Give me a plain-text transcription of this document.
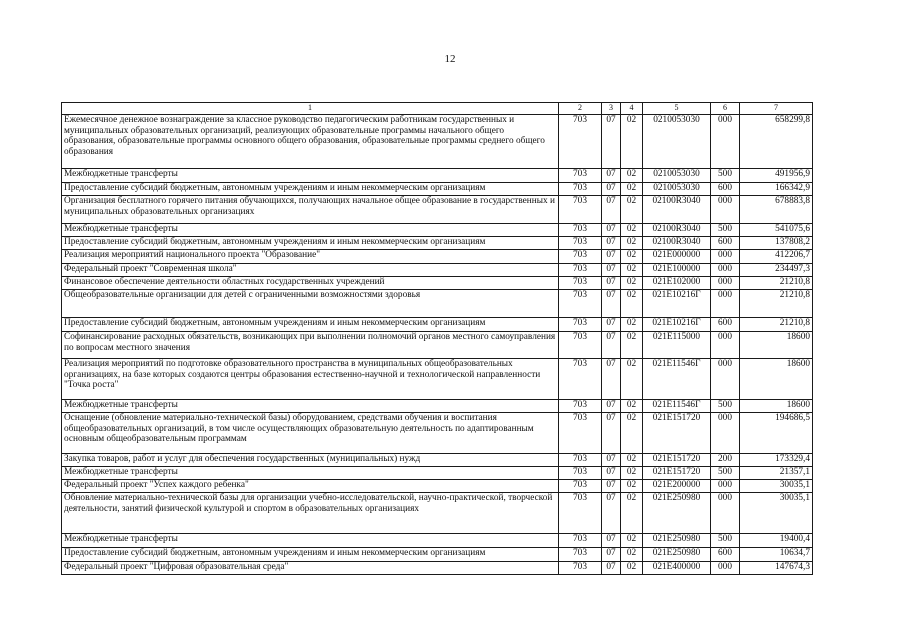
12
1	2	3	4	5	6	7
Ежемесячное денежное вознаграждение за классное руководство педагогическим работникам государственных и муниципальных образовательных организаций, реализующих образовательные программы начального общего образования, образовательные программы основного общего образования, образовательные программы среднего общего образования	703	07	02	0210053030	000	658299,8
Межбюджетные трансферты	703	07	02	0210053030	500	491956,9
Предоставление субсидий бюджетным, автономным учреждениям и иным некоммерческим организациям	703	07	02	0210053030	600	166342,9
Организация бесплатного горячего питания обучающихся, получающих начальное общее образование в государственных и муниципальных образовательных организациях	703	07	02	02100R3040	000	678883,8
Межбюджетные трансферты	703	07	02	02100R3040	500	541075,6
Предоставление субсидий бюджетным, автономным учреждениям и иным некоммерческим организациям	703	07	02	02100R3040	600	137808,2
Реализация мероприятий национального проекта "Образование"	703	07	02	021E000000	000	412206,7
Федеральный проект "Современная школа"	703	07	02	021E100000	000	234497,3
Финансовое обеспечение деятельности областных государственных учреждений	703	07	02	021E102000	000	21210,8
Общеобразовательные организации для детей с ограниченными возможностями здоровья	703	07	02	021E10216Г	000	21210,8
Предоставление субсидий бюджетным, автономным учреждениям и иным некоммерческим организациям	703	07	02	021E10216Г	600	21210,8
Софинансирование расходных обязательств, возникающих при выполнении полномочий органов местного самоуправления по вопросам местного значения	703	07	02	021E115000	000	18600
Реализация мероприятий по подготовке образовательного пространства в муниципальных общеобразовательных организациях, на базе которых создаются центры образования естественно-научной и технологической направленности "Точка роста"	703	07	02	021E11546Г	000	18600
Межбюджетные трансферты	703	07	02	021E11546Г	500	18600
Оснащение (обновление материально-технической базы) оборудованием, средствами обучения и воспитания общеобразовательных организаций, в том числе осуществляющих образовательную деятельность по адаптированным основным общеобразовательным программам	703	07	02	021E151720	000	194686,5
Закупка товаров, работ и услуг для обеспечения государственных (муниципальных) нужд	703	07	02	021E151720	200	173329,4
Межбюджетные трансферты	703	07	02	021E151720	500	21357,1
Федеральный проект "Успех каждого ребенка"	703	07	02	021E200000	000	30035,1
Обновление материально-технической базы для организации учебно-исследовательской, научно-практической, творческой деятельности, занятий физической культурой и спортом в образовательных организациях	703	07	02	021E250980	000	30035,1
Межбюджетные трансферты	703	07	02	021E250980	500	19400,4
Предоставление субсидий бюджетным, автономным учреждениям и иным некоммерческим организациям	703	07	02	021E250980	600	10634,7
Федеральный проект "Цифровая образовательная среда"	703	07	02	021E400000	000	147674,3
